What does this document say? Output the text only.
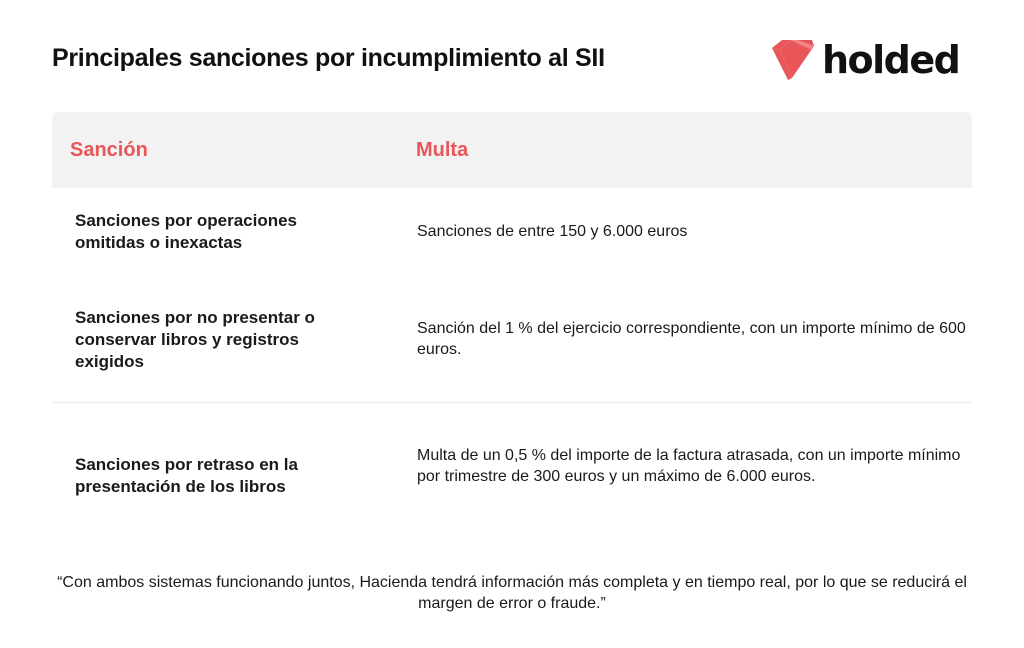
Principales sanciones por incumplimiento al SII	holded
Sanción	Multa
Sanciones por operaciones omitidas o inexactas
Sanciones de entre 150 y 6.000 euros
Sanciones por no presentar o conservar libros y registros exigidos
Sanción del 1 % del ejercicio correspondiente, con un importe mínimo de 600 euros.
Sanciones por retraso en la presentación de los libros
Multa de un 0,5 % del importe de la factura atrasada, con un importe mínimo por trimestre de 300 euros y un máximo de 6.000 euros.
“Con ambos sistemas funcionando juntos, Hacienda tendrá información más completa y en tiempo real, por lo que se reducirá el margen de error o fraude.”
